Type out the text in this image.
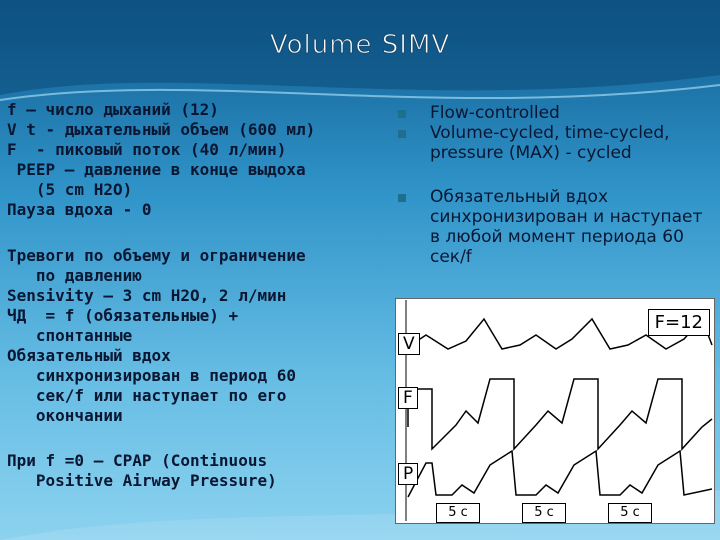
Volume SIMV
f – число дыханий (12)
V t - дыхательный объем (600 мл)
F  - пиковый поток (40 л/мин)
PEEP – давление в конце выдоха
(5 cm H2O)
Пауза вдоха - 0
Тревоги по объему и ограничение
по давлению
Sensivity – 3 cm H2O, 2 л/мин
ЧД  = f (обязательные) +
спонтанные
Обязательный вдох
синхронизирован в период 60
сек/f или наступает по его
окончании
При f =0 – CPAP (Continuous
Positive Airway Pressure)
Flow-controlled
Volume-cycled, time-cycled, pressure (MAX) - cycled
Обязательный вдох синхронизирован и наступает в любой момент периода 60 сек/f
V
F
P
F=12
5 c	5 c	5 c
